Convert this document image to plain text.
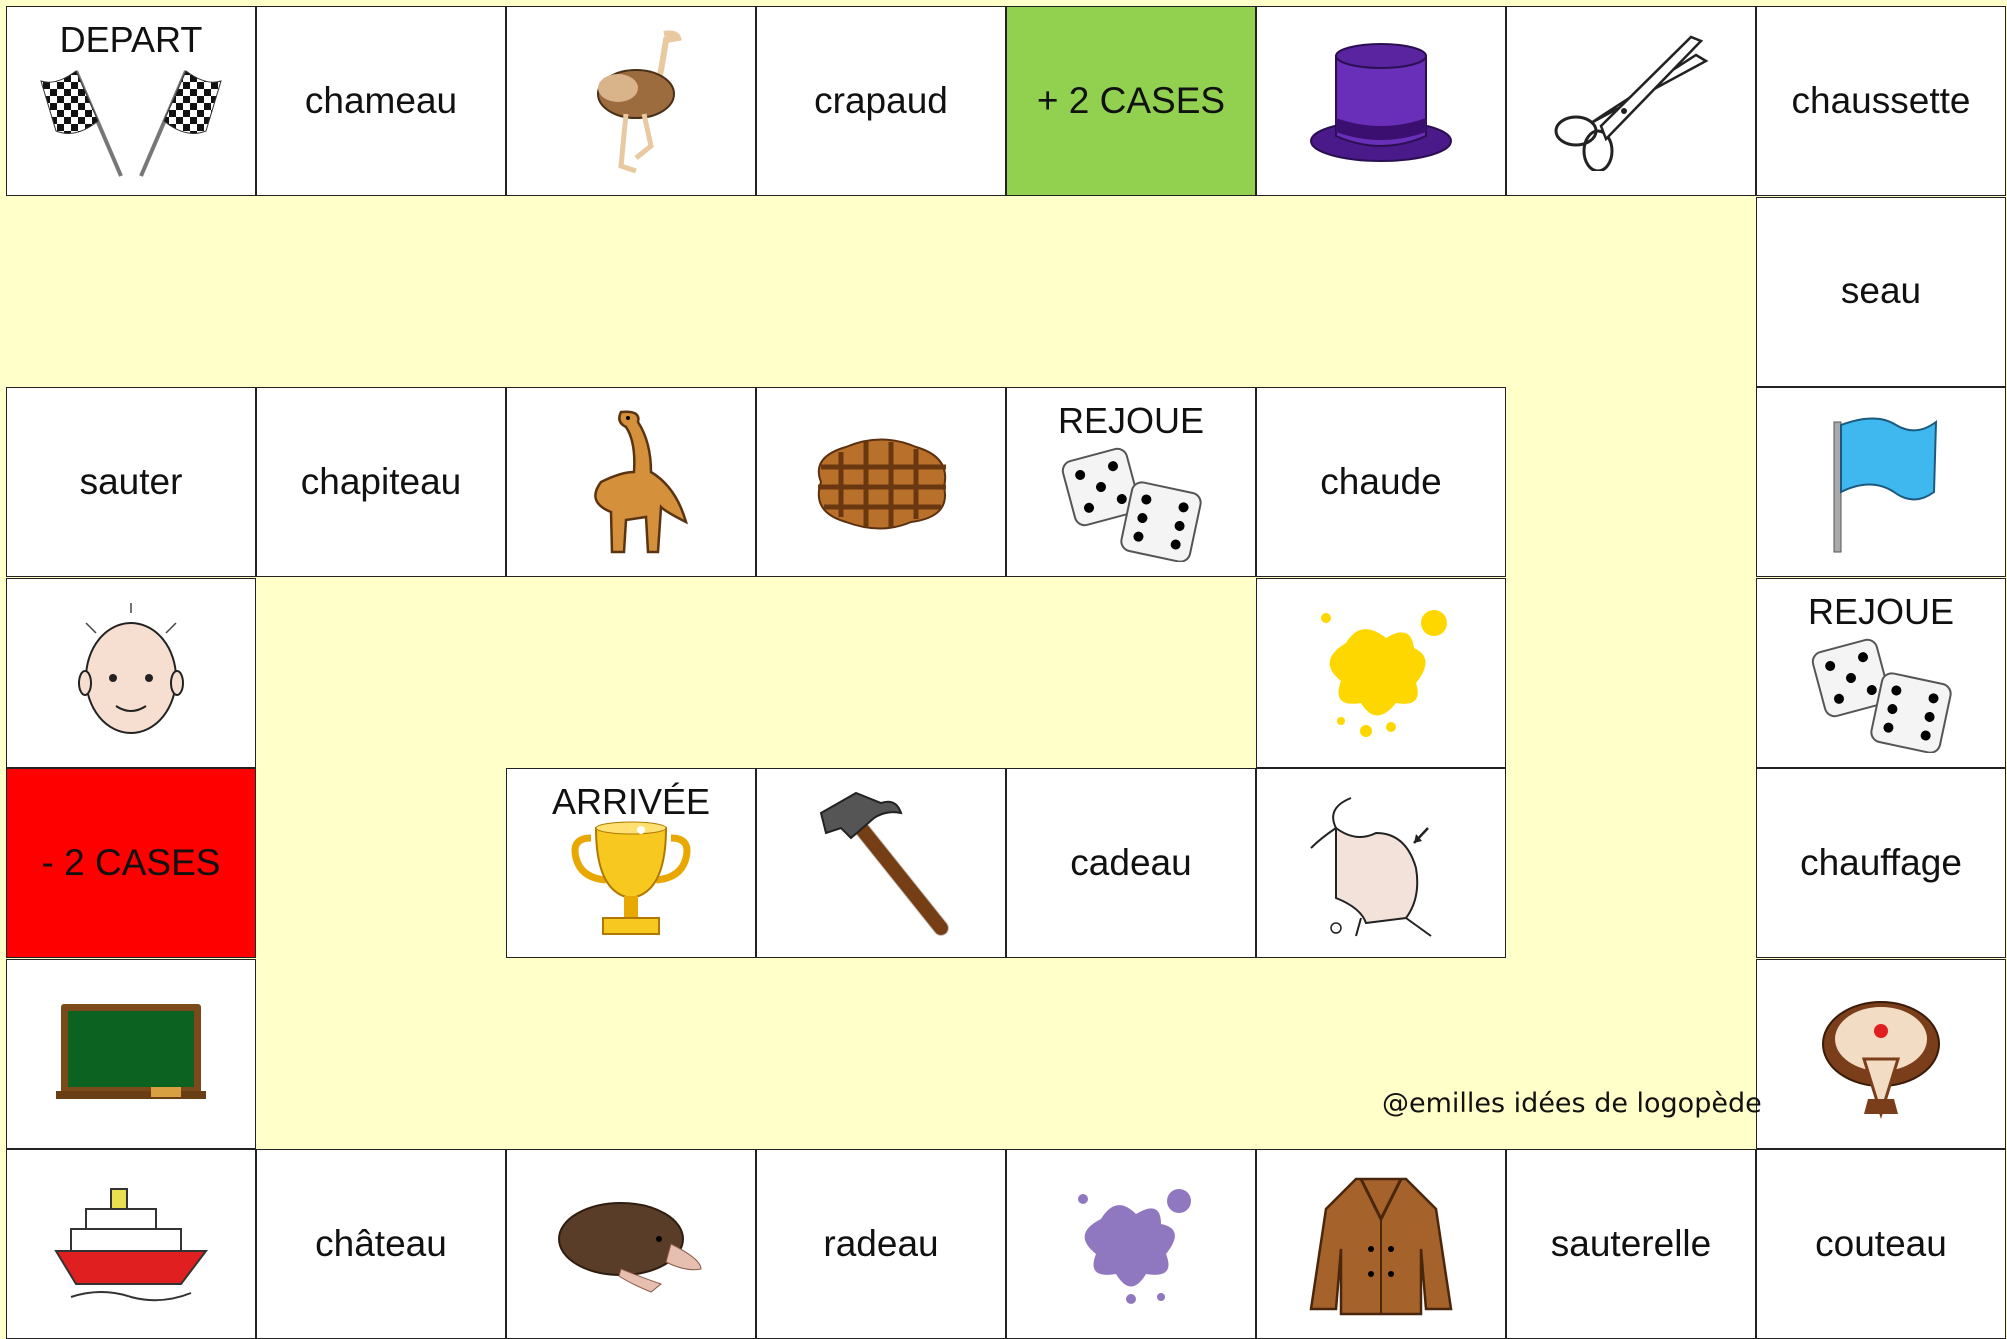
DEPART
chameau	crapaud + 2 CASES	chaussette
seau
REJOUE
chauffage
couteau
sauterelle
radeau
château
- 2 CASES
sauter	chapiteau
REJOUE
chaude
cadeau
ARRIVÉE
@emilles idées de logopède
